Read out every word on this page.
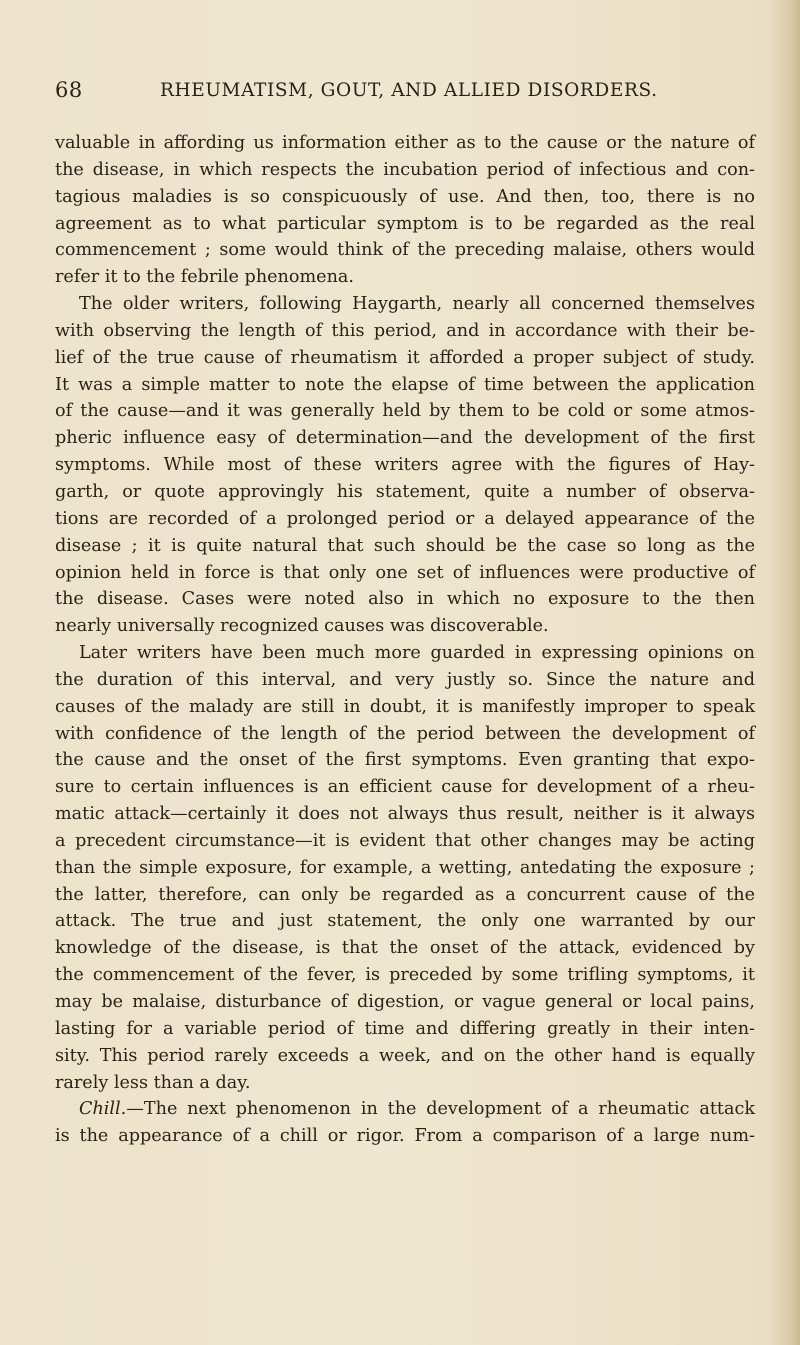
68	RHEUMATISM, GOUT, AND ALLIED DISORDERS.

valuable in affording us information either as to the cause or the nature of
the disease, in which respects the incubation period of infectious and con-
tagious maladies is so conspicuously of use. And then, too, there is no
agreement as to what particular symptom is to be regarded as the real
commencement ; some would think of the preceding malaise, others would
refer it to the febrile phenomena.

The older writers, following Haygarth, nearly all concerned themselves
with observing the length of this period, and in accordance with their be-
lief of the true cause of rheumatism it afforded a proper subject of study.
It was a simple matter to note the elapse of time between the application
of the cause—and it was generally held by them to be cold or some atmos-
pheric influence easy of determination—and the development of the first
symptoms. While most of these writers agree with the figures of Hay-
garth, or quote approvingly his statement, quite a number of observa-
tions are recorded of a prolonged period or a delayed appearance of the
disease ; it is quite natural that such should be the case so long as the
opinion held in force is that only one set of influences were productive of
the disease. Cases were noted also in which no exposure to the then
nearly universally recognized causes was discoverable.

Later writers have been much more guarded in expressing opinions on
the duration of this interval, and very justly so. Since the nature and
causes of the malady are still in doubt, it is manifestly improper to speak
with confidence of the length of the period between the development of
the cause and the onset of the first symptoms. Even granting that expo-
sure to certain influences is an efficient cause for development of a rheu-
matic attack—certainly it does not always thus result, neither is it always
a precedent circumstance—it is evident that other changes may be acting
than the simple exposure, for example, a wetting, antedating the exposure ;
the latter, therefore, can only be regarded as a concurrent cause of the
attack. The true and just statement, the only one warranted by our
knowledge of the disease, is that the onset of the attack, evidenced by
the commencement of the fever, is preceded by some trifling symptoms, it
may be malaise, disturbance of digestion, or vague general or local pains,
lasting for a variable period of time and differing greatly in their inten-
sity. This period rarely exceeds a week, and on the other hand is equally
rarely less than a day.

Chill.—The next phenomenon in the development of a rheumatic attack
is the appearance of a chill or rigor. From a comparison of a large num-
